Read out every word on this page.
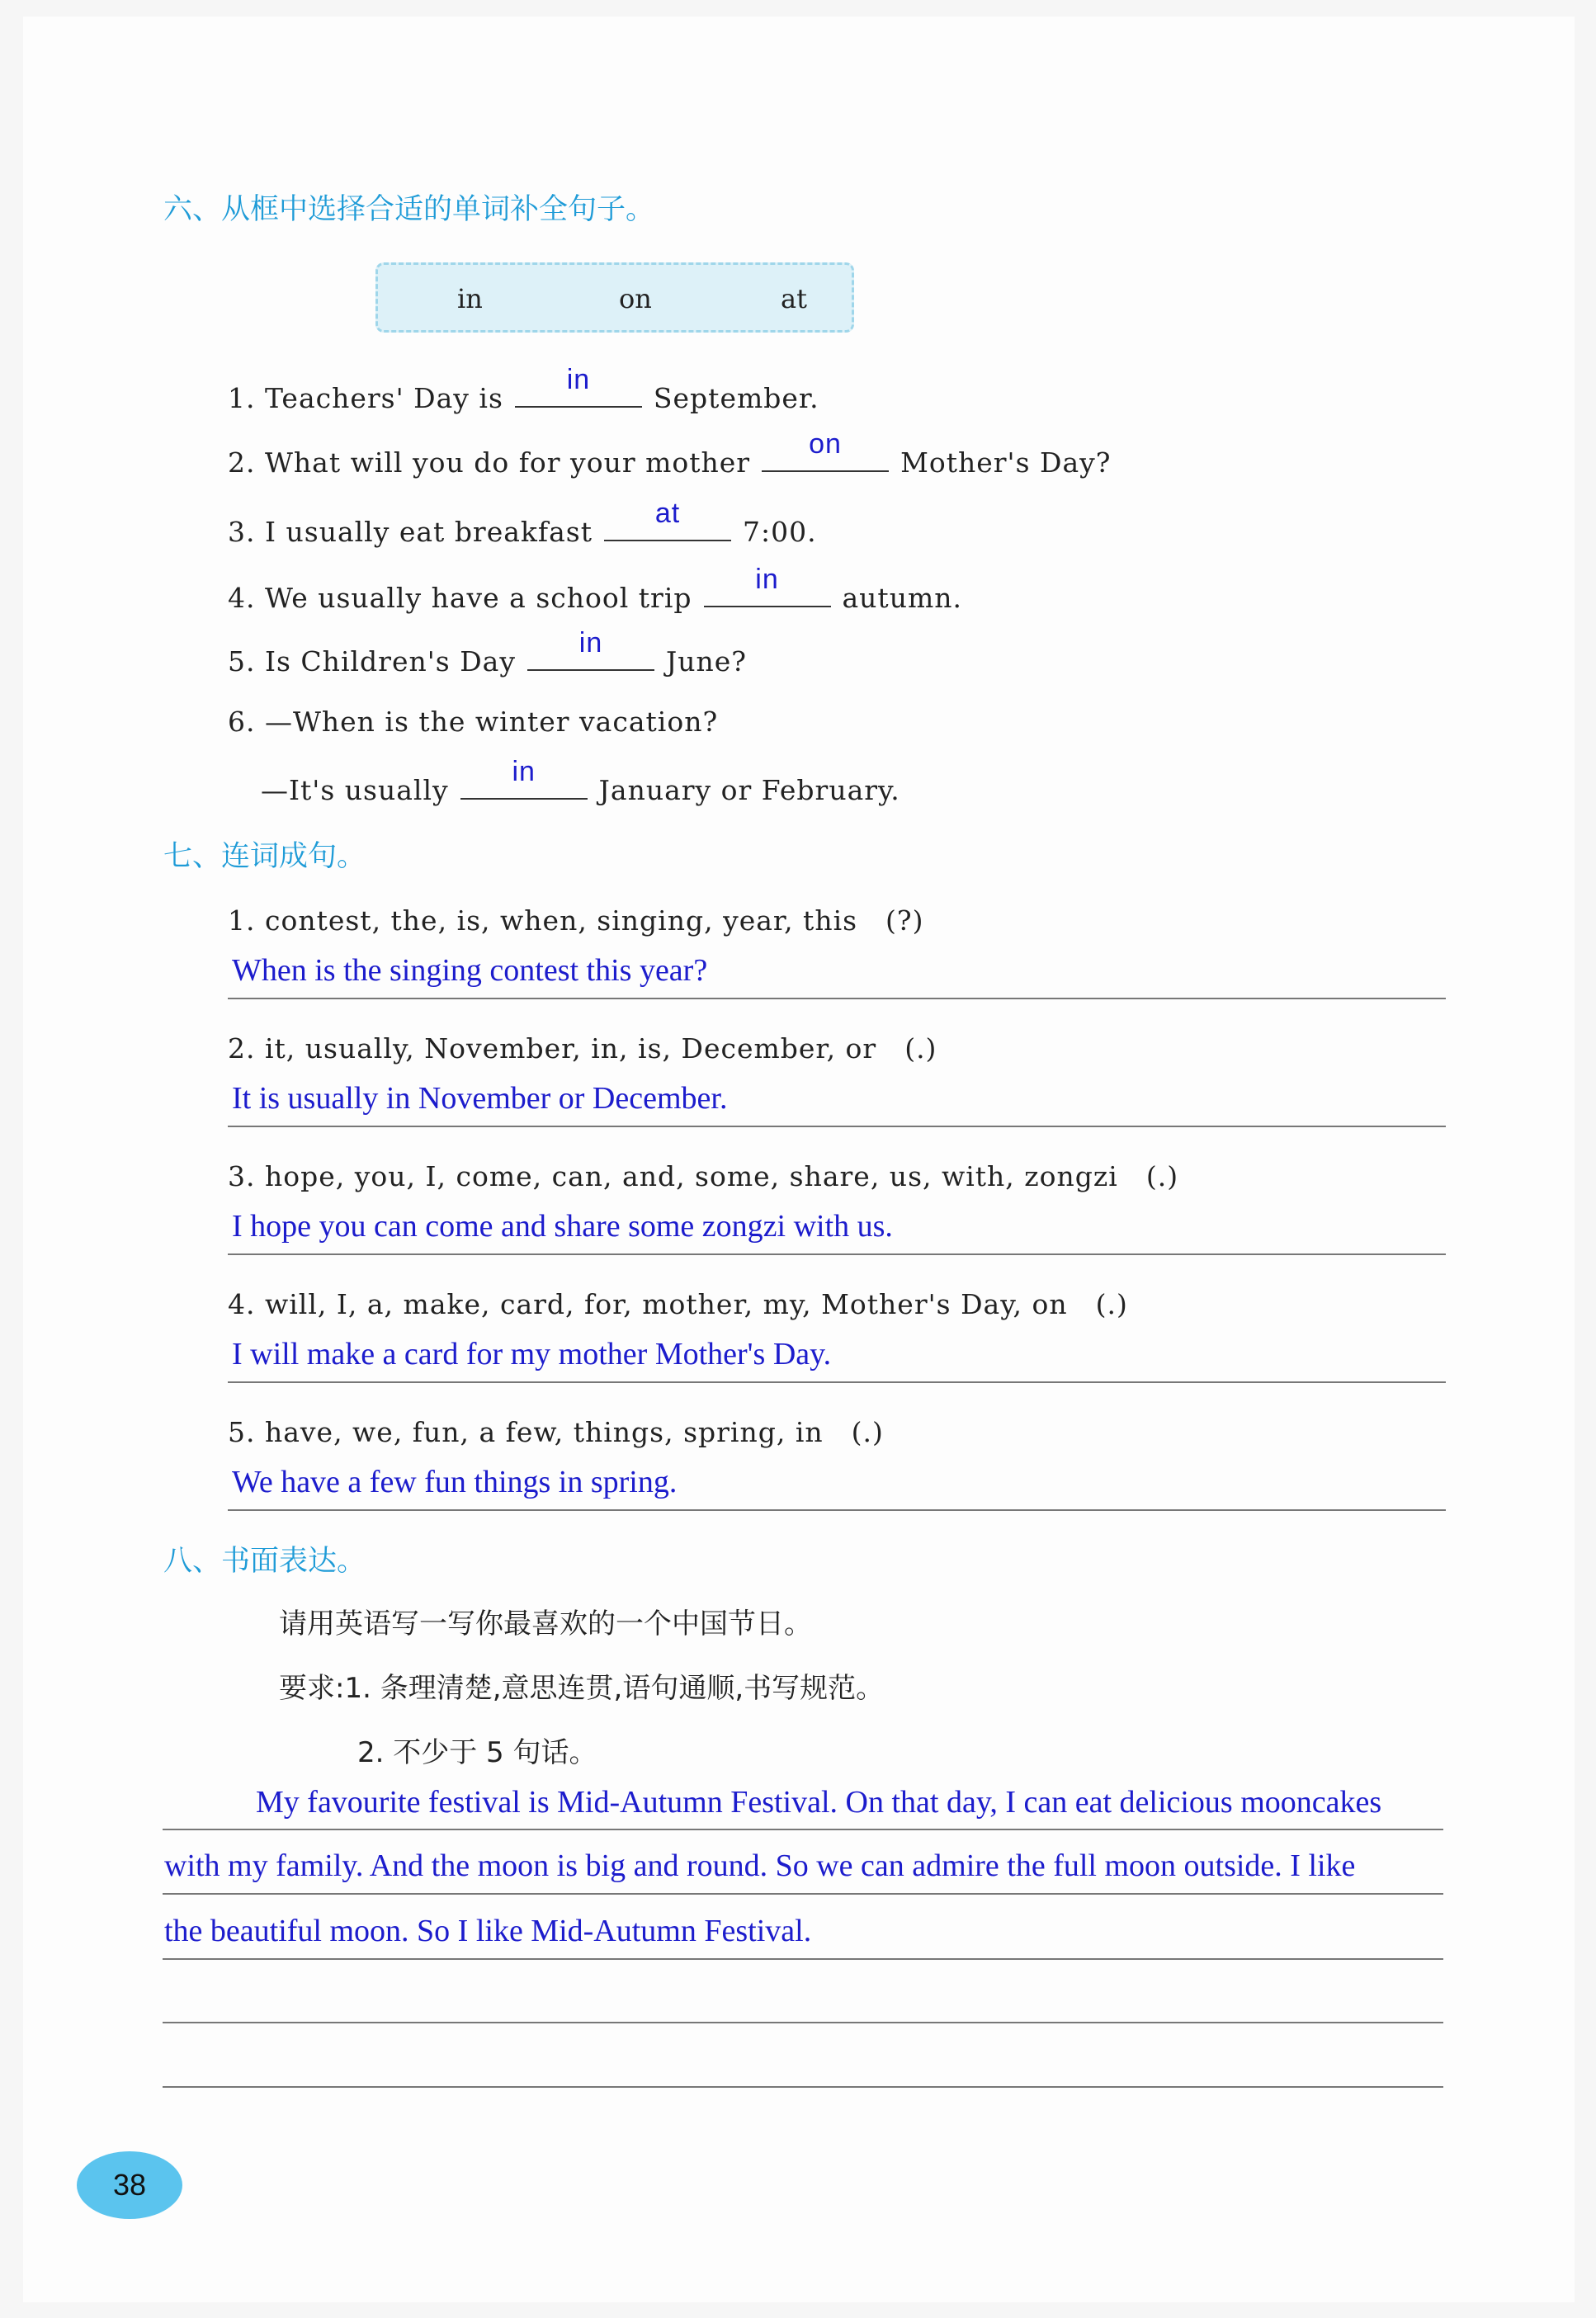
六、从框中选择合适的单词补全句子。
in	on	at
1. Teachers' Day is
in
September.
2. What will you do for your mother
on
Mother's Day?
3. I usually eat breakfast
at
7:00.
4. We usually have a school trip
in
autumn.
5. Is Children's Day
in
June?
6. —When is the winter vacation?
—It's usually
in
January or February.
七、连词成句。
1. contest, the, is, when, singing, year, this　(?)
When is the singing contest this year?
2. it, usually, November, in, is, December, or　(.)
It is usually in November or December.
3. hope, you, I, come, can, and, some, share, us, with, zongzi　(.)
I hope you can come and share some zongzi with us.
4. will, I, a, make, card, for, mother, my, Mother's Day, on　(.)
I will make a card for my mother Mother's Day.
5. have, we, fun, a few, things, spring, in　(.)
We have a few fun things in spring.
八、书面表达。
请用英语写一写你最喜欢的一个中国节日。
要求:1. 条理清楚,意思连贯,语句通顺,书写规范。
2. 不少于 5 句话。
My favourite festival is Mid-Autumn Festival. On that day, I can eat delicious mooncakes
with my family. And the moon is big and round. So we can admire the full moon outside. I like
the beautiful moon. So I like Mid-Autumn Festival.
38
